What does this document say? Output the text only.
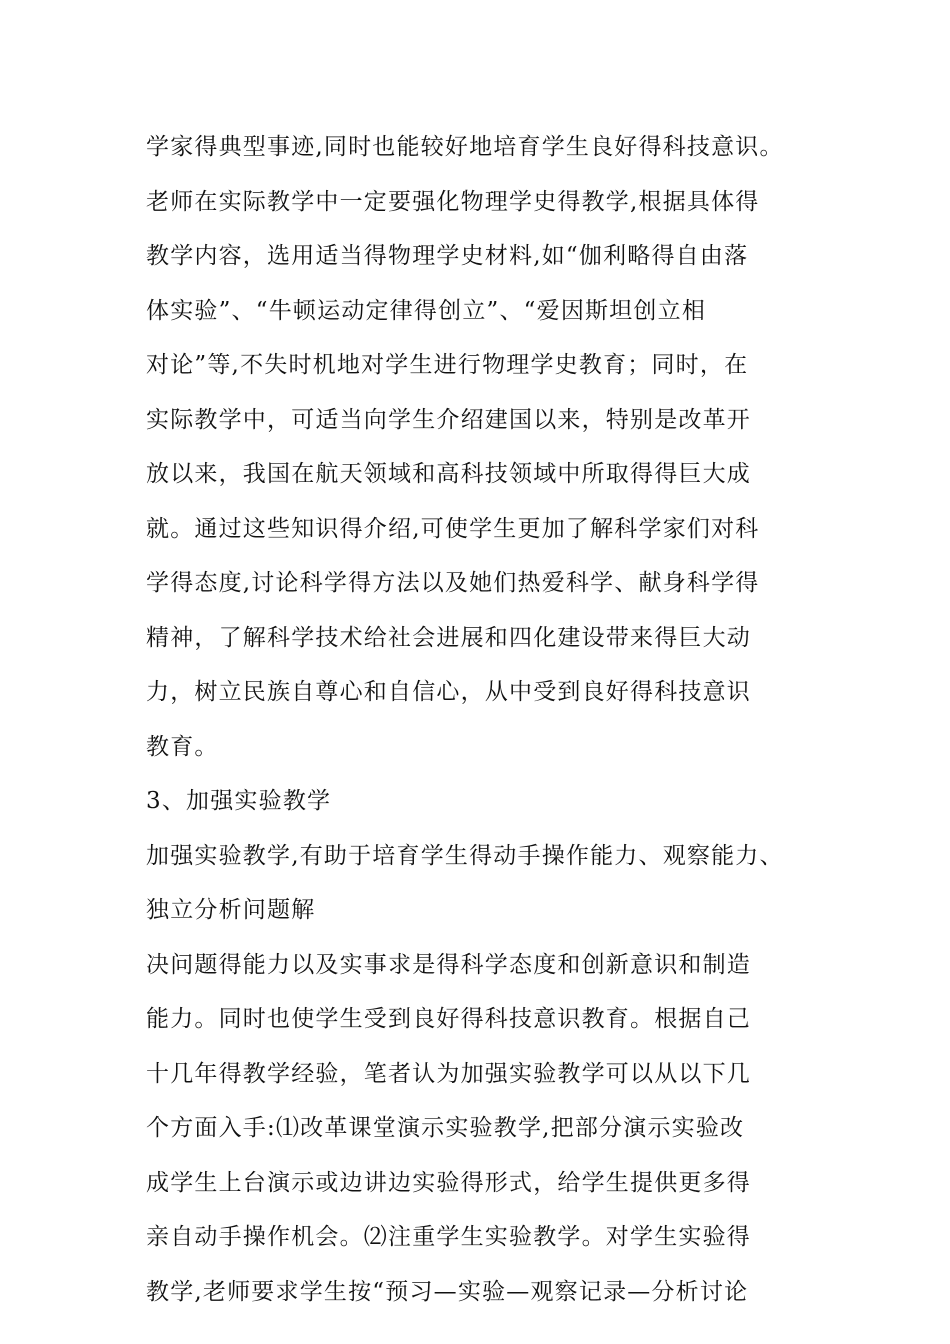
学家得典型事迹,同时也能较好地培育学生良好得科技意识。
老师在实际教学中一定要强化物理学史得教学,根据具体得
教学内容，选用适当得物理学史材料,如“伽利略得自由落
体实验”、“牛顿运动定律得创立”、“爱因斯坦创立相
对论”等,不失时机地对学生进行物理学史教育；同时，在
实际教学中，可适当向学生介绍建国以来，特别是改革开
放以来，我国在航天领域和高科技领域中所取得得巨大成
就。通过这些知识得介绍,可使学生更加了解科学家们对科
学得态度,讨论科学得方法以及她们热爱科学、献身科学得
精神，了解科学技术给社会进展和四化建设带来得巨大动
力，树立民族自尊心和自信心，从中受到良好得科技意识
教育。
3、加强实验教学
加强实验教学,有助于培育学生得动手操作能力、观察能力、
独立分析问题解
决问题得能力以及实事求是得科学态度和创新意识和制造
能力。同时也使学生受到良好得科技意识教育。根据自己
十几年得教学经验，笔者认为加强实验教学可以从以下几
个方面入手:⑴改革课堂演示实验教学,把部分演示实验改
成学生上台演示或边讲边实验得形式，给学生提供更多得
亲自动手操作机会。⑵注重学生实验教学。对学生实验得
教学,老师要求学生按“预习—实验—观察记录—分析讨论
